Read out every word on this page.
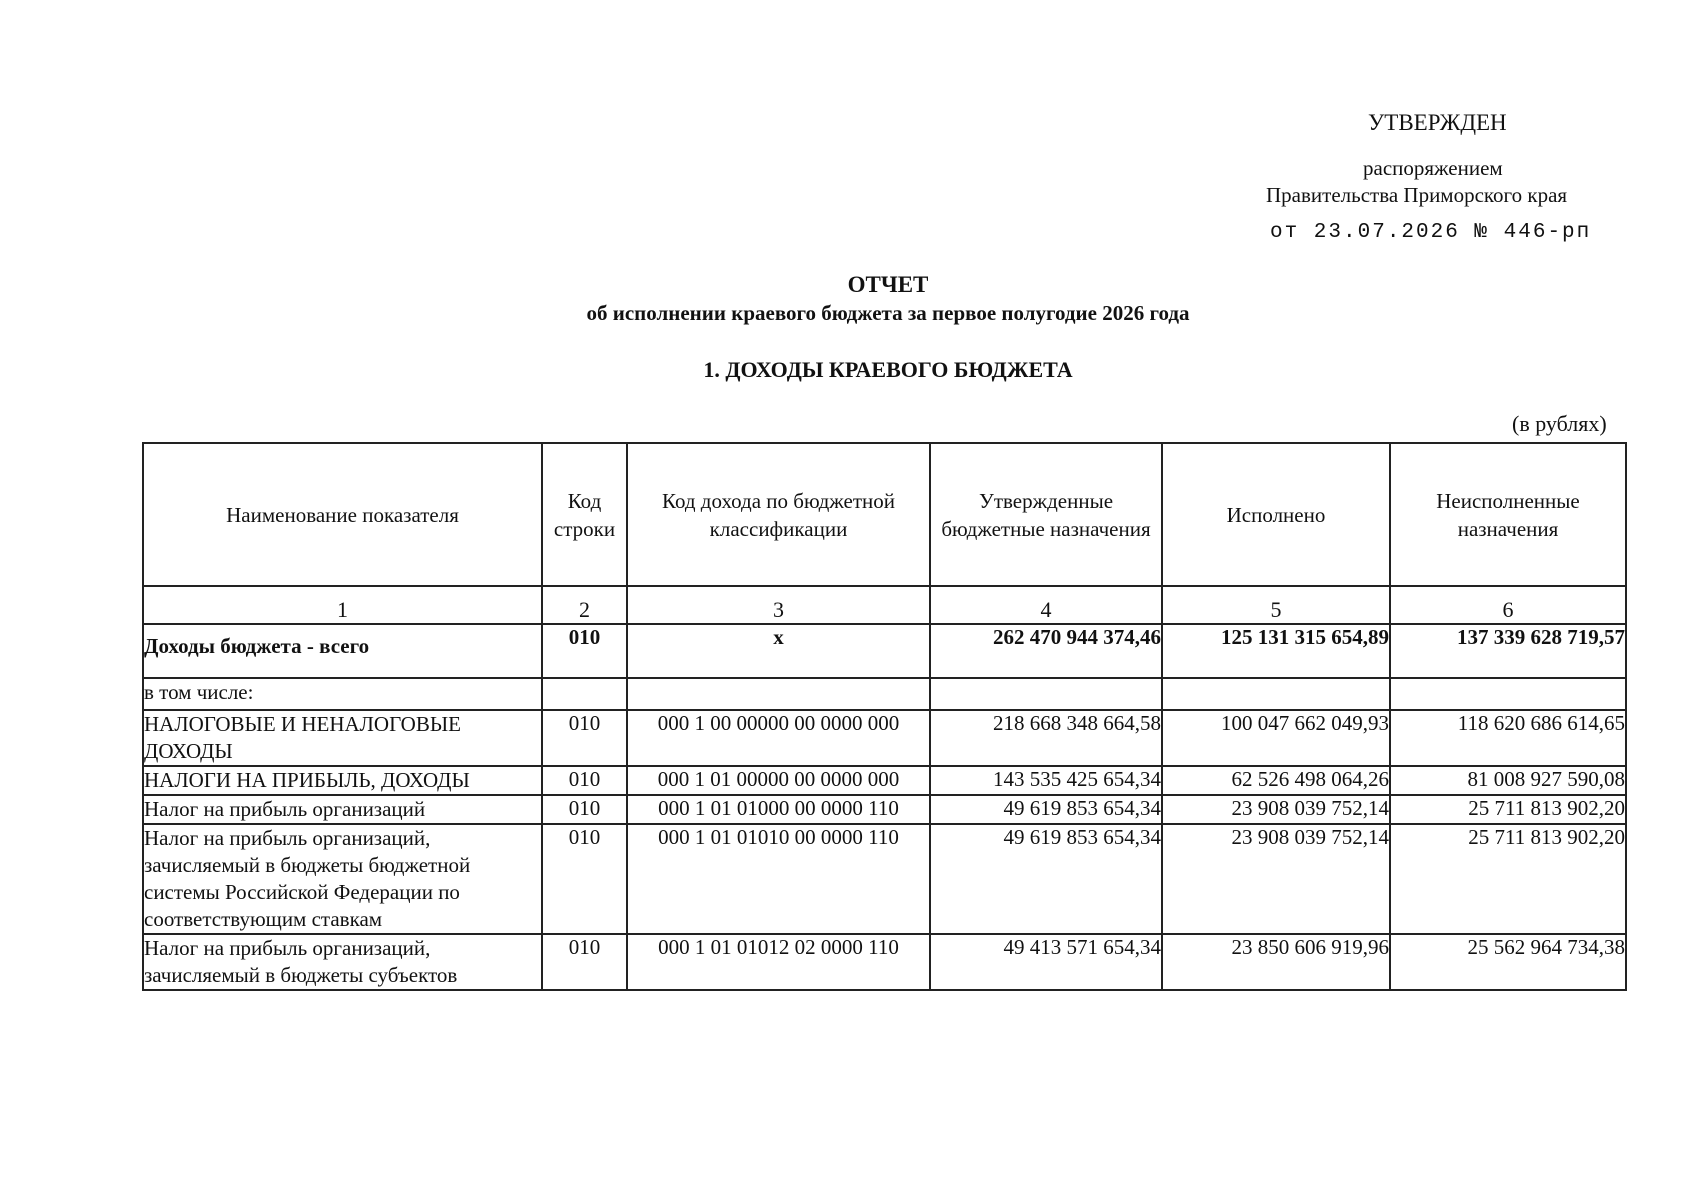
УТВЕРЖДЕН
распоряжением
Правительства Приморского края
от 23.07.2026 № 446-рп
ОТЧЕТ
об исполнении краевого бюджета за первое полугодие 2026 года
1. ДОХОДЫ КРАЕВОГО БЮДЖЕТА
(в рублях)
Наименование показателя	Код строки	Код дохода по бюджетной классификации	Утвержденные бюджетные назначения	Исполнено	Неисполненные назначения
1	2	3	4	5	6
Доходы бюджета - всего	010	х	262 470 944 374,46	125 131 315 654,89	137 339 628 719,57
в том числе:					
НАЛОГОВЫЕ И НЕНАЛОГОВЫЕ ДОХОДЫ	010	000 1 00 00000 00 0000 000	218 668 348 664,58	100 047 662 049,93	118 620 686 614,65
НАЛОГИ НА ПРИБЫЛЬ, ДОХОДЫ	010	000 1 01 00000 00 0000 000	143 535 425 654,34	62 526 498 064,26	81 008 927 590,08
Налог на прибыль организаций	010	000 1 01 01000 00 0000 110	49 619 853 654,34	23 908 039 752,14	25 711 813 902,20
Налог на прибыль организаций, зачисляемый в бюджеты бюджетной системы Российской Федерации по соответствующим ставкам	010	000 1 01 01010 00 0000 110	49 619 853 654,34	23 908 039 752,14	25 711 813 902,20
Налог на прибыль организаций, зачисляемый в бюджеты субъектов	010	000 1 01 01012 02 0000 110	49 413 571 654,34	23 850 606 919,96	25 562 964 734,38
